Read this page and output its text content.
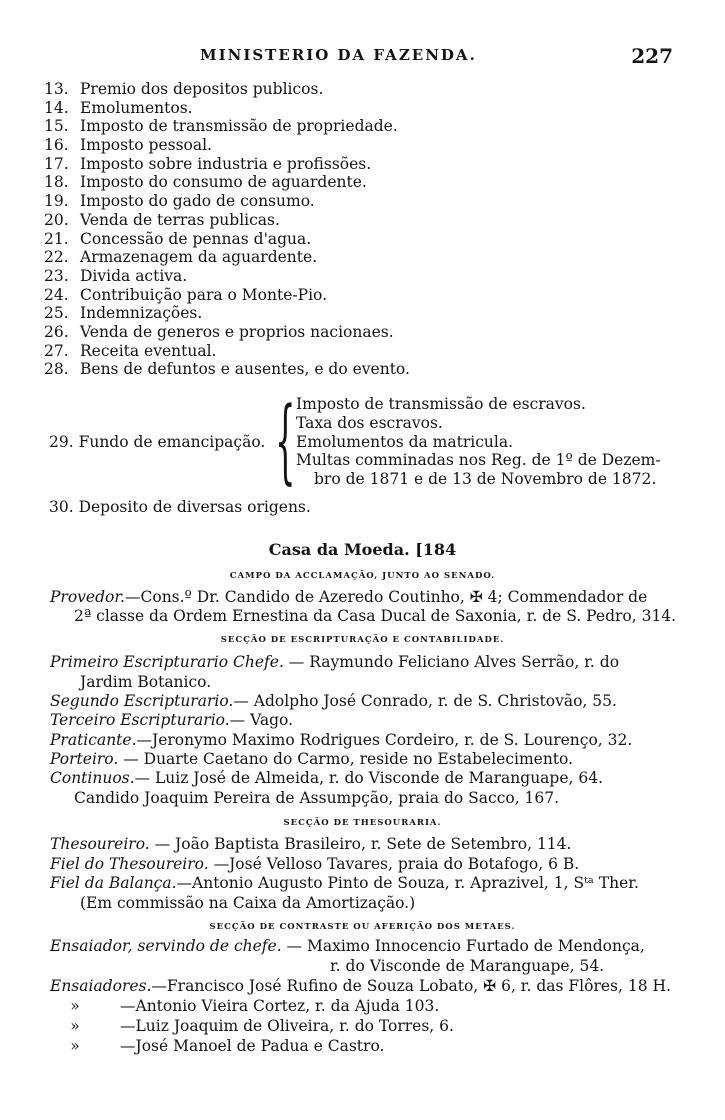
MINISTERIO DA FAZENDA.	227
13. Premio dos depositos publicos.
14. Emolumentos.
15. Imposto de transmissão de propriedade.
16. Imposto pessoal.
17. Imposto sobre industria e profissões.
18. Imposto do consumo de aguardente.
19. Imposto do gado de consumo.
20. Venda de terras publicas.
21. Concessão de pennas d'agua.
22. Armazenagem da aguardente.
23. Divida activa.
24. Contribuição para o Monte-Pio.
25. Indemnizações.
26. Venda de generos e proprios nacionaes.
27. Receita eventual.
28. Bens de defuntos e ausentes, e do evento.
29. Fundo de emancipação. { Imposto de transmissão de escravos.
Taxa dos escravos.
Emolumentos da matricula.
Multas comminadas nos Reg. de 1º de Dezem-
bro de 1871 e de 13 de Novembro de 1872.
30. Deposito de diversas origens.
Casa da Moeda. [184
CAMPO DA ACCLAMAÇÃO, JUNTO AO SENADO.
Provedor.—Cons.º Dr. Candido de Azeredo Coutinho, ✠ 4; Commendador de
2ª classe da Ordem Ernestina da Casa Ducal de Saxonia, r. de S. Pedro, 314.
SECÇÃO DE ESCRIPTURAÇÃO E CONTABILIDADE.
Primeiro Escripturario Chefe. — Raymundo Feliciano Alves Serrão, r. do
Jardim Botanico.
Segundo Escripturario.— Adolpho José Conrado, r. de S. Christovão, 55.
Terceiro Escripturario.— Vago.
Praticante.—Jeronymo Maximo Rodrigues Cordeiro, r. de S. Lourenço, 32.
Porteiro. — Duarte Caetano do Carmo, reside no Estabelecimento.
Continuos.— Luiz José de Almeida, r. do Visconde de Maranguape, 64.
Candido Joaquim Pereira de Assumpção, praia do Sacco, 167.
SECÇÃO DE THESOURARIA.
Thesoureiro. — João Baptista Brasileiro, r. Sete de Setembro, 114.
Fiel do Thesoureiro. —José Velloso Tavares, praia do Botafogo, 6 B.
Fiel da Balança.—Antonio Augusto Pinto de Souza, r. Aprazivel, 1, Sᵗᵃ Ther.
(Em commissão na Caixa da Amortização.)
SECÇÃO DE CONTRASTE OU AFERIÇÃO DOS METAES.
Ensaiador, servindo de chefe. — Maximo Innocencio Furtado de Mendonça,
r. do Visconde de Maranguape, 54.
Ensaiadores.—Francisco José Rufino de Souza Lobato, ✠ 6, r. das Flôres, 18 H.
»	—Antonio Vieira Cortez, r. da Ajuda 103.
»	—Luiz Joaquim de Oliveira, r. do Torres, 6.
»	—José Manoel de Padua e Castro.
